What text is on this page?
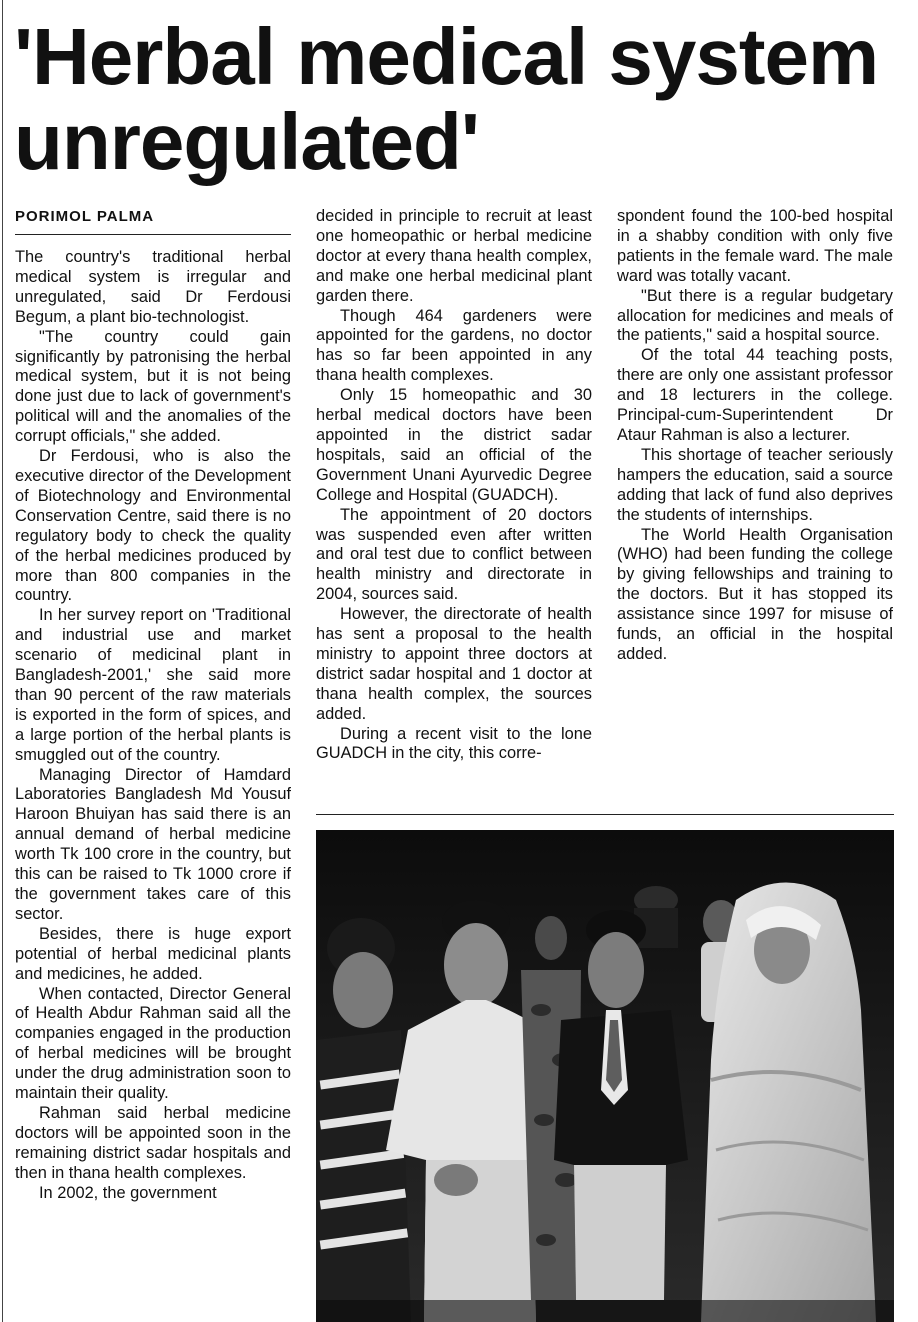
'Herbal medical system
unregulated'
PORIMOL PALMA

The country's traditional herbal medical system is irregular and unregulated, said Dr Ferdousi Begum, a plant bio-technologist.

"The country could gain significantly by patronising the herbal medical system, but it is not being done just due to lack of government's political will and the anomalies of the corrupt officials," she added.

Dr Ferdousi, who is also the executive director of the Development of Biotechnology and Environmental Conservation Centre, said there is no regulatory body to check the quality of the herbal medicines produced by more than 800 companies in the country.

In her survey report on 'Traditional and industrial use and market scenario of medicinal plant in Bangladesh-2001,' she said more than 90 percent of the raw materials is exported in the form of spices, and a large portion of the herbal plants is smuggled out of the country.

Managing Director of Hamdard Laboratories Bangladesh Md Yousuf Haroon Bhuiyan has said there is an annual demand of herbal medicine worth Tk 100 crore in the country, but this can be raised to Tk 1000 crore if the government takes care of this sector.

Besides, there is huge export potential of herbal medicinal plants and medicines, he added.

When contacted, Director General of Health Abdur Rahman said all the companies engaged in the production of herbal medicines will be brought under the drug administration soon to maintain their quality.

Rahman said herbal medicine doctors will be appointed soon in the remaining district sadar hospitals and then in thana health complexes.

In 2002, the government

decided in principle to recruit at least one homeopathic or herbal medicine doctor at every thana health complex, and make one herbal medicinal plant garden there.

Though 464 gardeners were appointed for the gardens, no doctor has so far been appointed in any thana health complexes.

Only 15 homeopathic and 30 herbal medical doctors have been appointed in the district sadar hospitals, said an official of the Government Unani Ayurvedic Degree College and Hospital (GUADCH).

The appointment of 20 doctors was suspended even after written and oral test due to conflict between health ministry and directorate in 2004, sources said.

However, the directorate of health has sent a proposal to the health ministry to appoint three doctors at district sadar hospital and 1 doctor at thana health complex, the sources added.

During a recent visit to the lone GUADCH in the city, this corre-

spondent found the 100-bed hospital in a shabby condition with only five patients in the female ward. The male ward was totally vacant.

"But there is a regular budgetary allocation for medicines and meals of the patients," said a hospital source.

Of the total 44 teaching posts, there are only one assistant professor and 18 lecturers in the college. Principal-cum-Superintendent Dr Ataur Rahman is also a lecturer.

This shortage of teacher seriously hampers the education, said a source adding that lack of fund also deprives the students of internships.

The World Health Organisation (WHO) had been funding the college by giving fellowships and training to the doctors. But it has stopped its assistance since 1997 for misuse of funds, an official in the hospital added.
